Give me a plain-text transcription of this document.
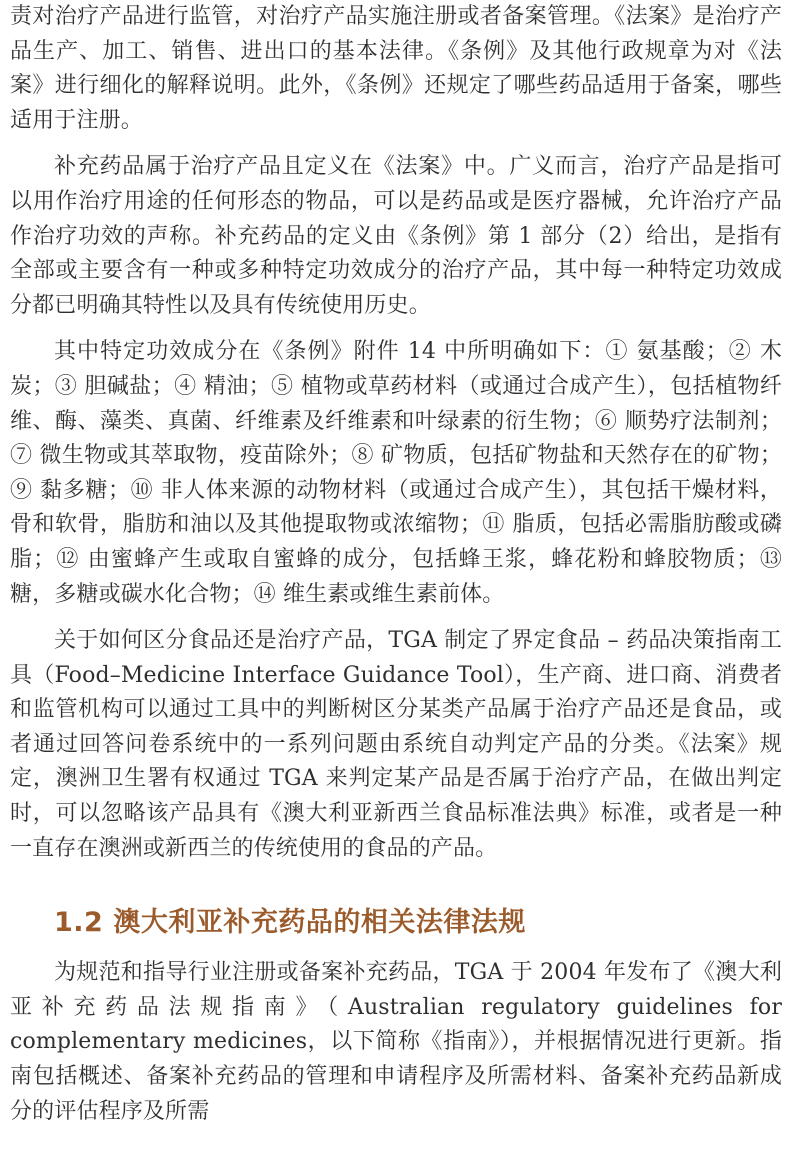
责对治疗产品进行监管，对治疗产品实施注册或者备案管理。《法案》是治疗产品生产、加工、销售、进出口的基本法律。《条例》及其他行政规章为对《法案》进行细化的解释说明。此外，《条例》还规定了哪些药品适用于备案，哪些适用于注册。

补充药品属于治疗产品且定义在《法案》中。广义而言，治疗产品是指可以用作治疗用途的任何形态的物品，可以是药品或是医疗器械，允许治疗产品作治疗功效的声称。补充药品的定义由《条例》第 1 部分（2）给出，是指有全部或主要含有一种或多种特定功效成分的治疗产品，其中每一种特定功效成分都已明确其特性以及具有传统使用历史。

其中特定功效成分在《条例》附件 14 中所明确如下：① 氨基酸；② 木炭；③ 胆碱盐；④ 精油；⑤ 植物或草药材料（或通过合成产生），包括植物纤维、酶、藻类、真菌、纤维素及纤维素和叶绿素的衍生物；⑥ 顺势疗法制剂；⑦ 微生物或其萃取物，疫苗除外；⑧ 矿物质，包括矿物盐和天然存在的矿物；⑨ 黏多糖；⑩ 非人体来源的动物材料（或通过合成产生），其包括干燥材料，骨和软骨，脂肪和油以及其他提取物或浓缩物；⑪ 脂质，包括必需脂肪酸或磷脂；⑫ 由蜜蜂产生或取自蜜蜂的成分，包括蜂王浆，蜂花粉和蜂胶物质；⑬ 糖，多糖或碳水化合物；⑭ 维生素或维生素前体。

关于如何区分食品还是治疗产品，TGA 制定了界定食品 – 药品决策指南工具（Food–Medicine Interface Guidance Tool），生产商、进口商、消费者和监管机构可以通过工具中的判断树区分某类产品属于治疗产品还是食品，或者通过回答问卷系统中的一系列问题由系统自动判定产品的分类。《法案》规定，澳洲卫生署有权通过 TGA 来判定某产品是否属于治疗产品，在做出判定时，可以忽略该产品具有《澳大利亚新西兰食品标准法典》标准，或者是一种一直存在澳洲或新西兰的传统使用的食品的产品。

1.2 澳大利亚补充药品的相关法律法规

为规范和指导行业注册或备案补充药品，TGA 于 2004 年发布了《澳大利亚补充药品法规指南》（Australian regulatory guidelines for complementary medicines，以下简称《指南》），并根据情况进行更新。指南包括概述、备案补充药品的管理和申请程序及所需材料、备案补充药品新成分的评估程序及所需
